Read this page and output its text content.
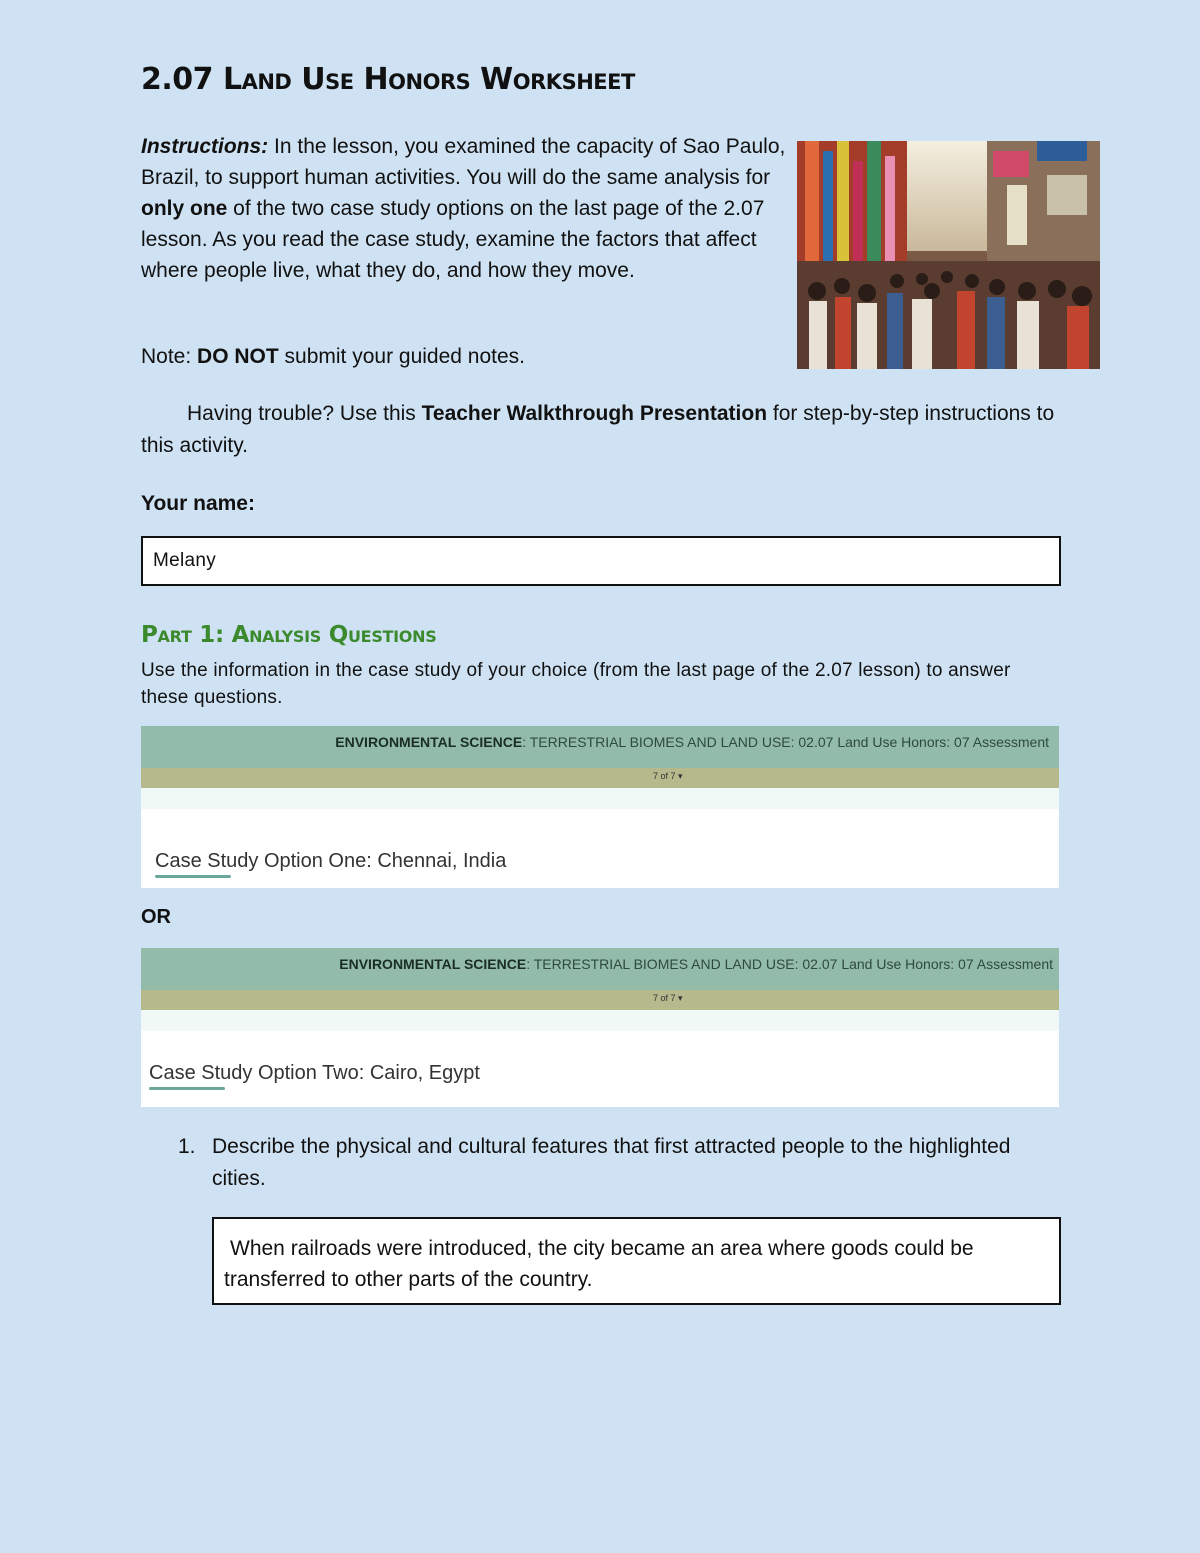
2.07 Land Use Honors Worksheet
Instructions: In the lesson, you examined the capacity of Sao Paulo, Brazil, to support human activities. You will do the same analysis for only one of the two case study options on the last page of the 2.07 lesson. As you read the case study, examine the factors that affect where people live, what they do, and how they move.
Note: DO NOT submit your guided notes.
Having trouble? Use this Teacher Walkthrough Presentation for step-by-step instructions to this activity.
Your name:
Melany
Part 1: Analysis Questions
Use the information in the case study of your choice (from the last page of the 2.07 lesson) to answer these questions.
ENVIRONMENTAL SCIENCE: TERRESTRIAL BIOMES AND LAND USE: 02.07 Land Use Honors: 07 Assessment
7 of 7 ▾
Case Study Option One: Chennai, India
OR
ENVIRONMENTAL SCIENCE: TERRESTRIAL BIOMES AND LAND USE: 02.07 Land Use Honors: 07 Assessment
7 of 7 ▾
Case Study Option Two: Cairo, Egypt
1. Describe the physical and cultural features that first attracted people to the highlighted cities.
When railroads were introduced, the city became an area where goods could be transferred to other parts of the country.
